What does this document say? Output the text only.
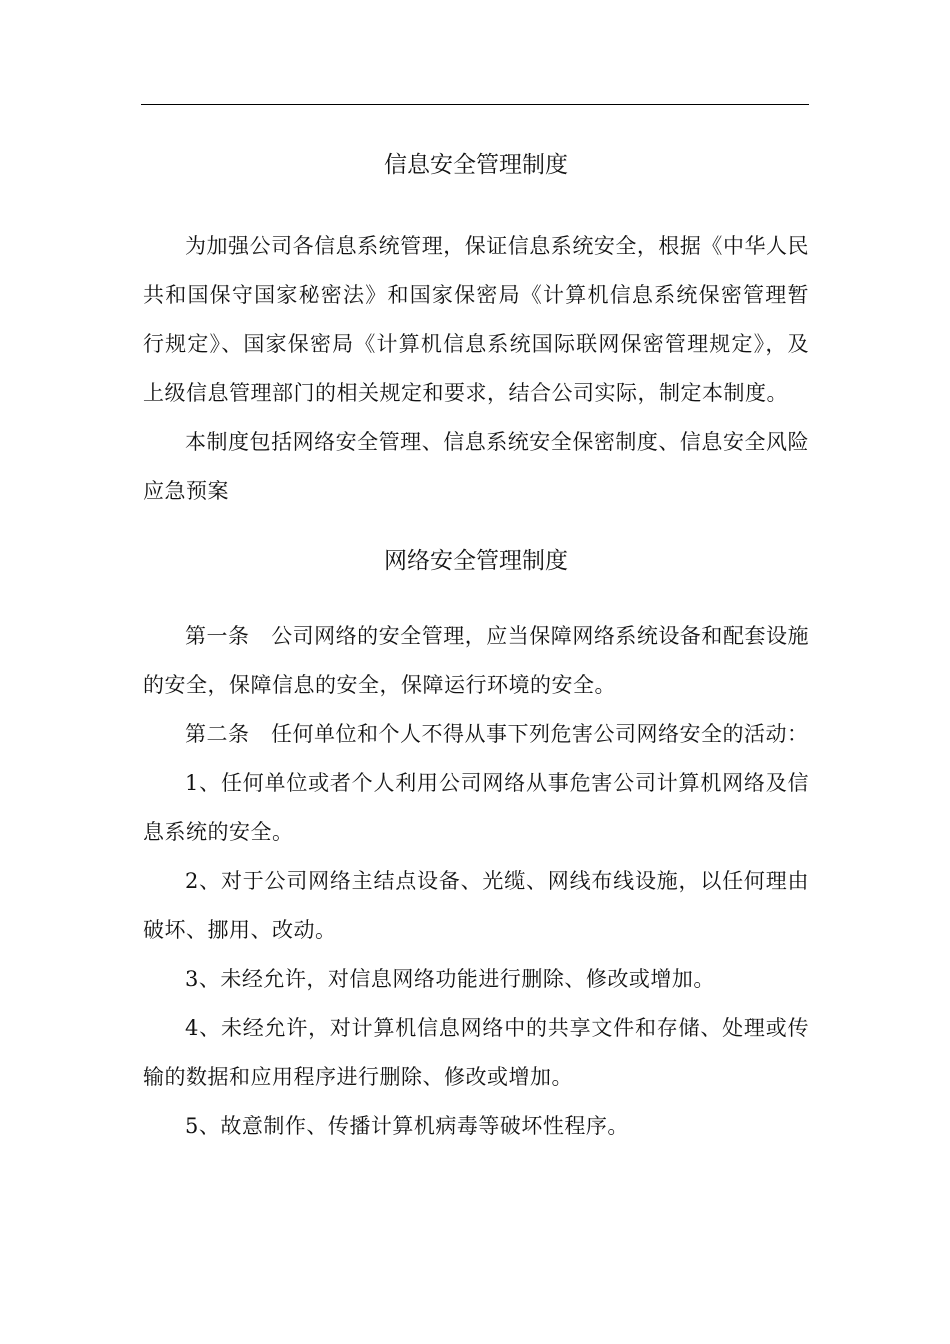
信息安全管理制度

为加强公司各信息系统管理，保证信息系统安全，根据《中华人民共和国保守国家秘密法》和国家保密局《计算机信息系统保密管理暂行规定》、国家保密局《计算机信息系统国际联网保密管理规定》，及上级信息管理部门的相关规定和要求，结合公司实际，制定本制度。

本制度包括网络安全管理、信息系统安全保密制度、信息安全风险应急预案

网络安全管理制度

第一条　公司网络的安全管理，应当保障网络系统设备和配套设施的安全，保障信息的安全，保障运行环境的安全。

第二条　任何单位和个人不得从事下列危害公司网络安全的活动：

1、任何单位或者个人利用公司网络从事危害公司计算机网络及信息系统的安全。

2、对于公司网络主结点设备、光缆、网线布线设施，以任何理由破坏、挪用、改动。

3、未经允许，对信息网络功能进行删除、修改或增加。

4、未经允许，对计算机信息网络中的共享文件和存储、处理或传输的数据和应用程序进行删除、修改或增加。

5、故意制作、传播计算机病毒等破坏性程序。
